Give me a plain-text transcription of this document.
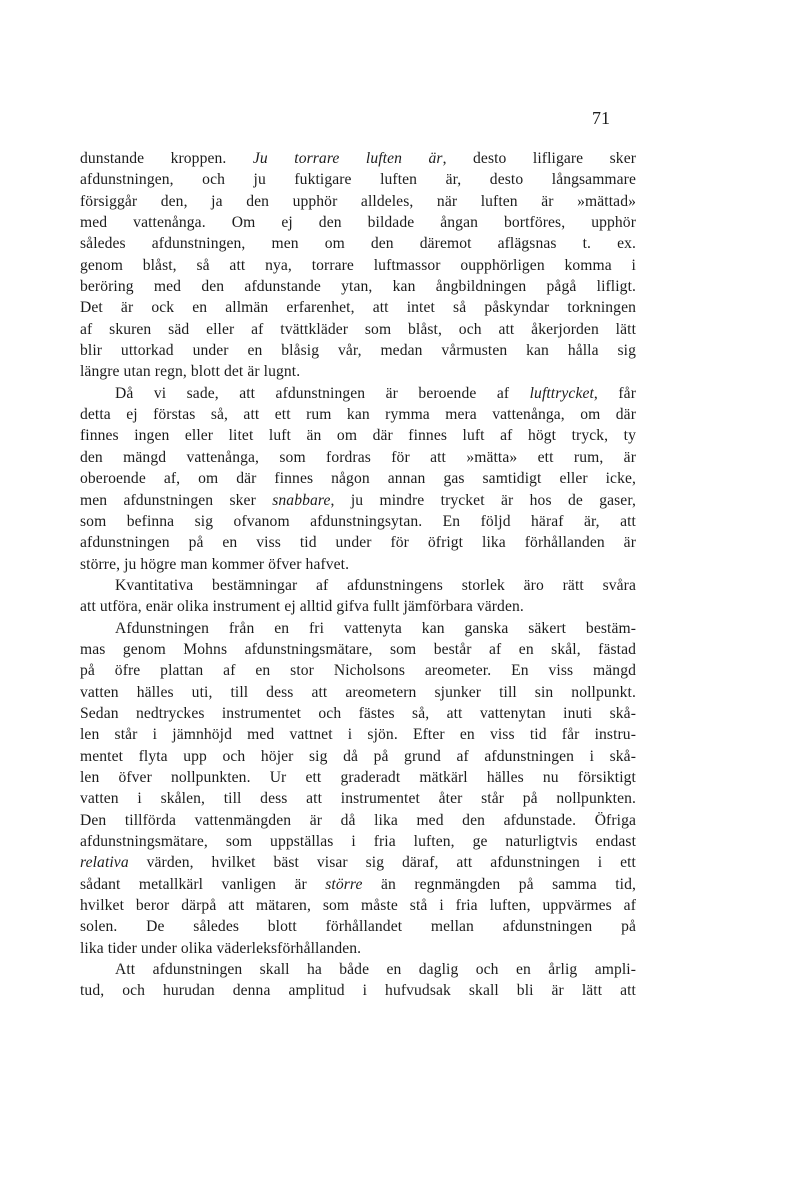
71
dunstande kroppen. Ju torrare luften är, desto lifligare sker
afdunstningen, och ju fuktigare luften är, desto långsammare
försiggår den, ja den upphör alldeles, när luften är »mättad»
med vattenånga. Om ej den bildade ångan bortföres, upphör
således afdunstningen, men om den däremot aflägsnas t. ex.
genom blåst, så att nya, torrare luftmassor oupphörligen komma i
beröring med den afdunstande ytan, kan ångbildningen pågå lifligt.
Det är ock en allmän erfarenhet, att intet så påskyndar torkningen
af skuren säd eller af tvättkläder som blåst, och att åkerjorden lätt
blir uttorkad under en blåsig vår, medan vårmusten kan hålla sig
längre utan regn, blott det är lugnt.
Då vi sade, att afdunstningen är beroende af lufttrycket, får
detta ej förstas så, att ett rum kan rymma mera vattenånga, om där
finnes ingen eller litet luft än om där finnes luft af högt tryck, ty
den mängd vattenånga, som fordras för att »mätta» ett rum, är
oberoende af, om där finnes någon annan gas samtidigt eller icke,
men afdunstningen sker snabbare, ju mindre trycket är hos de gaser,
som befinna sig ofvanom afdunstningsytan. En följd häraf är, att
afdunstningen på en viss tid under för öfrigt lika förhållanden är
större, ju högre man kommer öfver hafvet.
Kvantitativa bestämningar af afdunstningens storlek äro rätt svåra
att utföra, enär olika instrument ej alltid gifva fullt jämförbara värden.
Afdunstningen från en fri vattenyta kan ganska säkert bestäm-
mas genom Mohns afdunstningsmätare, som består af en skål, fästad
på öfre plattan af en stor Nicholsons areometer. En viss mängd
vatten hälles uti, till dess att areometern sjunker till sin nollpunkt.
Sedan nedtryckes instrumentet och fästes så, att vattenytan inuti skå-
len står i jämnhöjd med vattnet i sjön. Efter en viss tid får instru-
mentet flyta upp och höjer sig då på grund af afdunstningen i skå-
len öfver nollpunkten. Ur ett graderadt mätkärl hälles nu försiktigt
vatten i skålen, till dess att instrumentet åter står på nollpunkten.
Den tillförda vattenmängden är då lika med den afdunstade. Öfriga
afdunstningsmätare, som uppställas i fria luften, ge naturligtvis endast
relativa värden, hvilket bäst visar sig däraf, att afdunstningen i ett
sådant metallkärl vanligen är större än regnmängden på samma tid,
hvilket beror därpå att mätaren, som måste stå i fria luften, uppvärmes af
solen. De således blott förhållandet mellan afdunstningen på
lika tider under olika väderleksförhållanden.
Att afdunstningen skall ha både en daglig och en årlig ampli-
tud, och hurudan denna amplitud i hufvudsak skall bli är lätt att
